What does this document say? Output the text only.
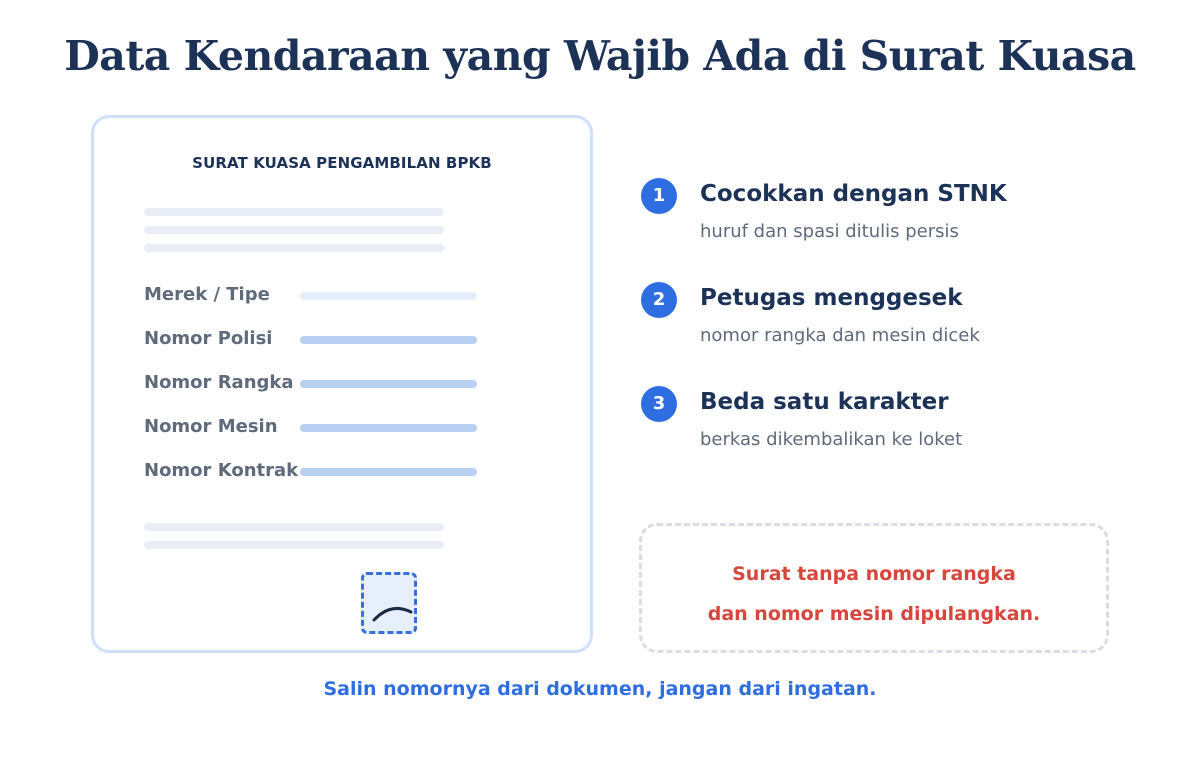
Data Kendaraan yang Wajib Ada di Surat Kuasa
SURAT KUASA PENGAMBILAN BPKB
Merek / Tipe
Nomor Polisi
Nomor Rangka
Nomor Mesin
Nomor Kontrak
1	Cocokkan dengan STNK
huruf dan spasi ditulis persis
2	Petugas menggesek
nomor rangka dan mesin dicek
3	Beda satu karakter
berkas dikembalikan ke loket
Surat tanpa nomor rangka
dan nomor mesin dipulangkan.
Salin nomornya dari dokumen, jangan dari ingatan.
